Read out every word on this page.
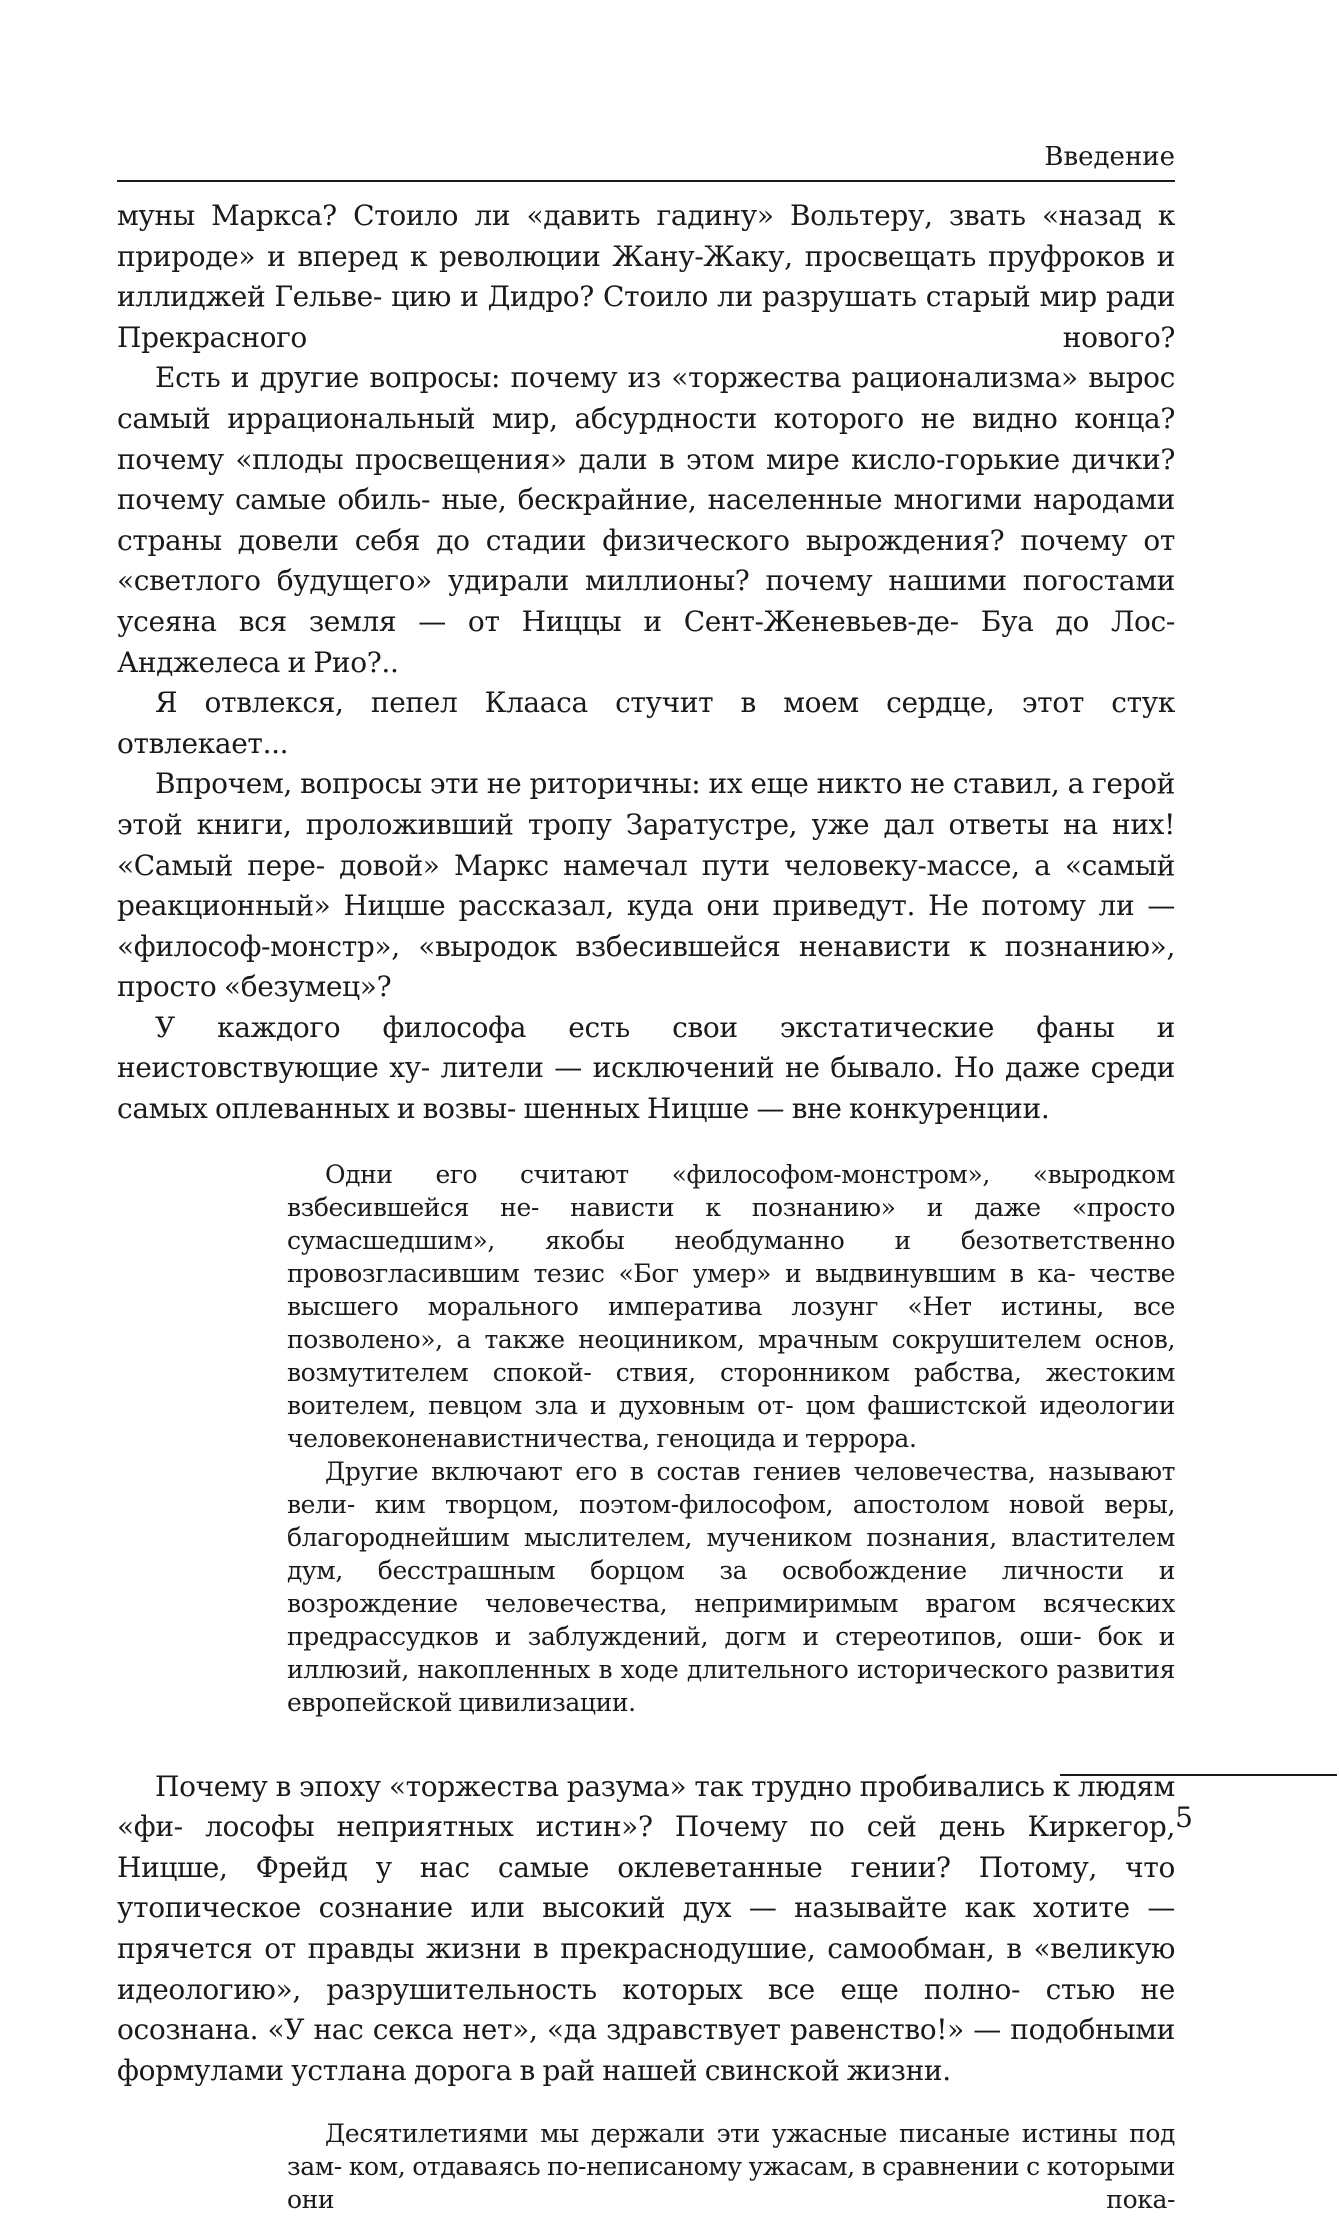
Введение

муны Маркса? Стоило ли «давить гадину» Вольтеру, звать «назад к природе» и вперед к революции Жану-Жаку, просвещать пруфроков и иллиджей Гельве- цию и Дидро? Стоило ли разрушать старый мир ради Прекрасного нового?

Есть и другие вопросы: почему из «торжества рационализма» вырос самый иррациональный мир, абсурдности которого не видно конца? почему «плоды просвещения» дали в этом мире кисло-горькие дички? почему самые обиль- ные, бескрайние, населенные многими народами страны довели себя до стадии физического вырождения? почему от «светлого будущего» удирали миллионы? почему нашими погостами усеяна вся земля — от Ниццы и Сент-Женевьев-де- Буа до Лос-Анджелеса и Рио?..

Я отвлекся, пепел Клааса стучит в моем сердце, этот стук отвлекает...

Впрочем, вопросы эти не риторичны: их еще никто не ставил, а герой этой книги, проложивший тропу Заратустре, уже дал ответы на них! «Самый пере- довой» Маркс намечал пути человеку-массе, а «самый реакционный» Ницше рассказал, куда они приведут. Не потому ли — «философ-монстр», «выродок взбесившейся ненависти к познанию», просто «безумец»?

У каждого философа есть свои экстатические фаны и неистовствующие ху- лители — исключений не бывало. Но даже среди самых оплеванных и возвы- шенных Ницше — вне конкуренции.

Одни его считают «философом-монстром», «выродком взбесившейся не- нависти к познанию» и даже «просто сумасшедшим», якобы необдуманно и безответственно провозгласившим тезис «Бог умер» и выдвинувшим в ка- честве высшего морального императива лозунг «Нет истины, все позволено», а также неоциником, мрачным сокрушителем основ, возмутителем спокой- ствия, сторонником рабства, жестоким воителем, певцом зла и духовным от- цом фашистской идеологии человеконенавистничества, геноцида и террора.

Другие включают его в состав гениев человечества, называют вели- ким творцом, поэтом-философом, апостолом новой веры, благороднейшим мыслителем, мучеником познания, властителем дум, бесстрашным борцом за освобождение личности и возрождение человечества, непримиримым врагом всяческих предрассудков и заблуждений, догм и стереотипов, оши- бок и иллюзий, накопленных в ходе длительного исторического развития европейской цивилизации.

Почему в эпоху «торжества разума» так трудно пробивались к людям «фи- лософы неприятных истин»? Почему по сей день Киркегор, Ницше, Фрейд у нас самые оклеветанные гении? Потому, что утопическое сознание или высокий дух — называйте как хотите — прячется от правды жизни в прекраснодушие, самообман, в «великую идеологию», разрушительность которых все еще полно- стью не осознана. «У нас секса нет», «да здравствует равенство!» — подобными формулами устлана дорога в рай нашей свинской жизни.

Десятилетиями мы держали эти ужасные писаные истины под зам- ком, отдаваясь по-неписаному ужасам, в сравнении с которыми они пока-

5
